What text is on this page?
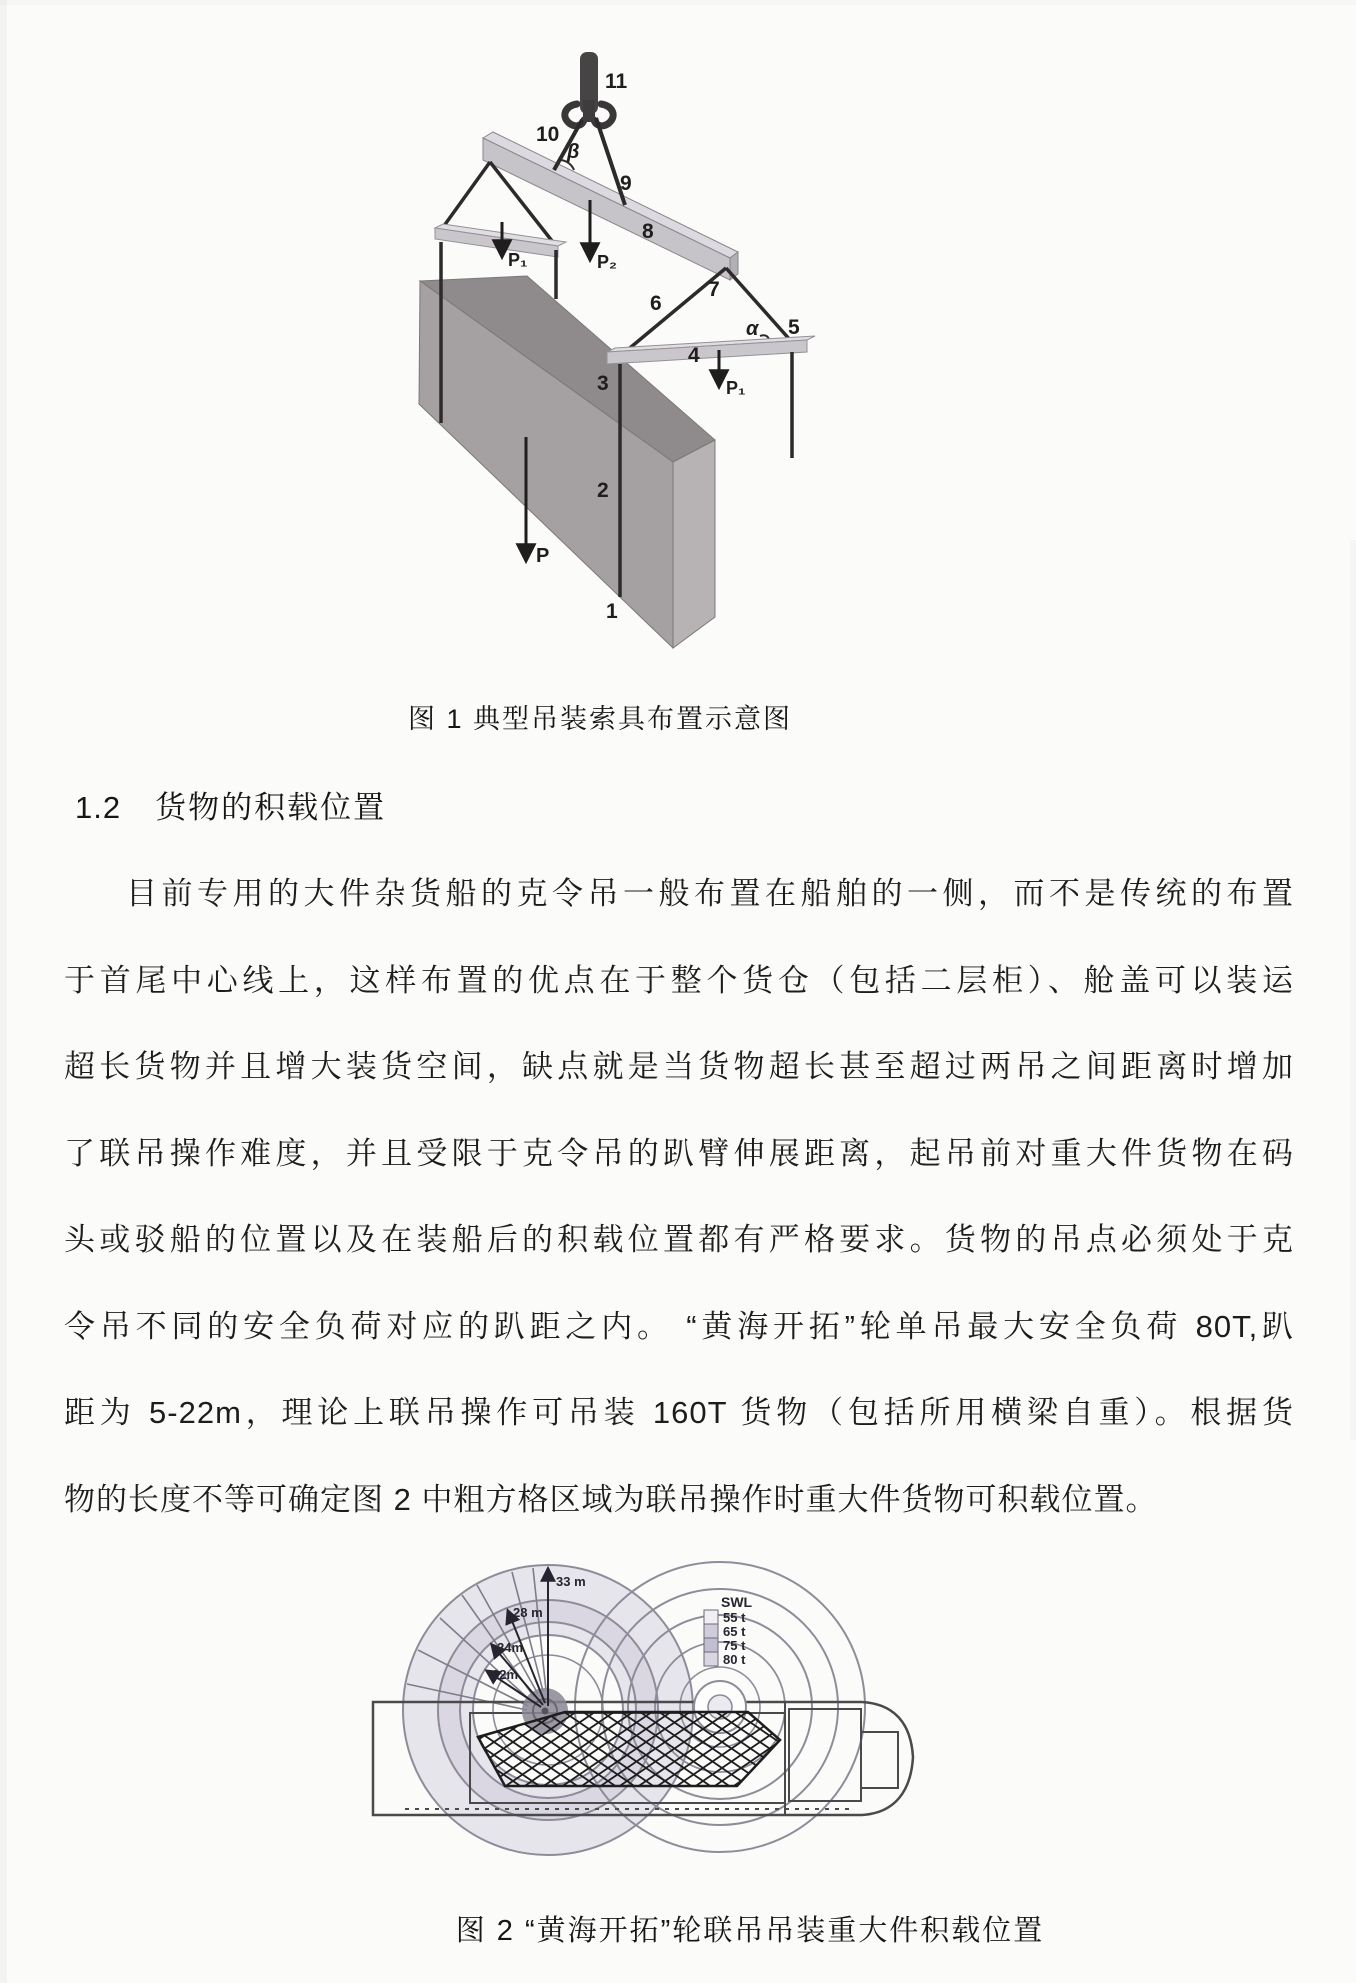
11
10
β
9
8
7
6
α 5
4
3
2
1
P₁	P₂
P₁
P
图 1 典型吊装索具布置示意图
1.2 货物的积载位置
目前专用的大件杂货船的克令吊一般布置在船舶的一侧，而不是传统的布置
于首尾中心线上，这样布置的优点在于整个货仓（包括二层柜）、舱盖可以装运
超长货物并且增大装货空间，缺点就是当货物超长甚至超过两吊之间距离时增加
了联吊操作难度，并且受限于克令吊的趴臂伸展距离，起吊前对重大件货物在码
头或驳船的位置以及在装船后的积载位置都有严格要求。货物的吊点必须处于克
令吊不同的安全负荷对应的趴距之内。 “黄海开拓”轮单吊最大安全负荷 80T,趴
距为 5-22m，理论上联吊操作可吊装 160T 货物（包括所用横梁自重）。根据货
物的长度不等可确定图 2 中粗方格区域为联吊操作时重大件货物可积载位置。
33 m
28 m
24m
22m
SWL
55 t
65 t
75 t
80 t
图 2 “黄海开拓”轮联吊吊装重大件积载位置
